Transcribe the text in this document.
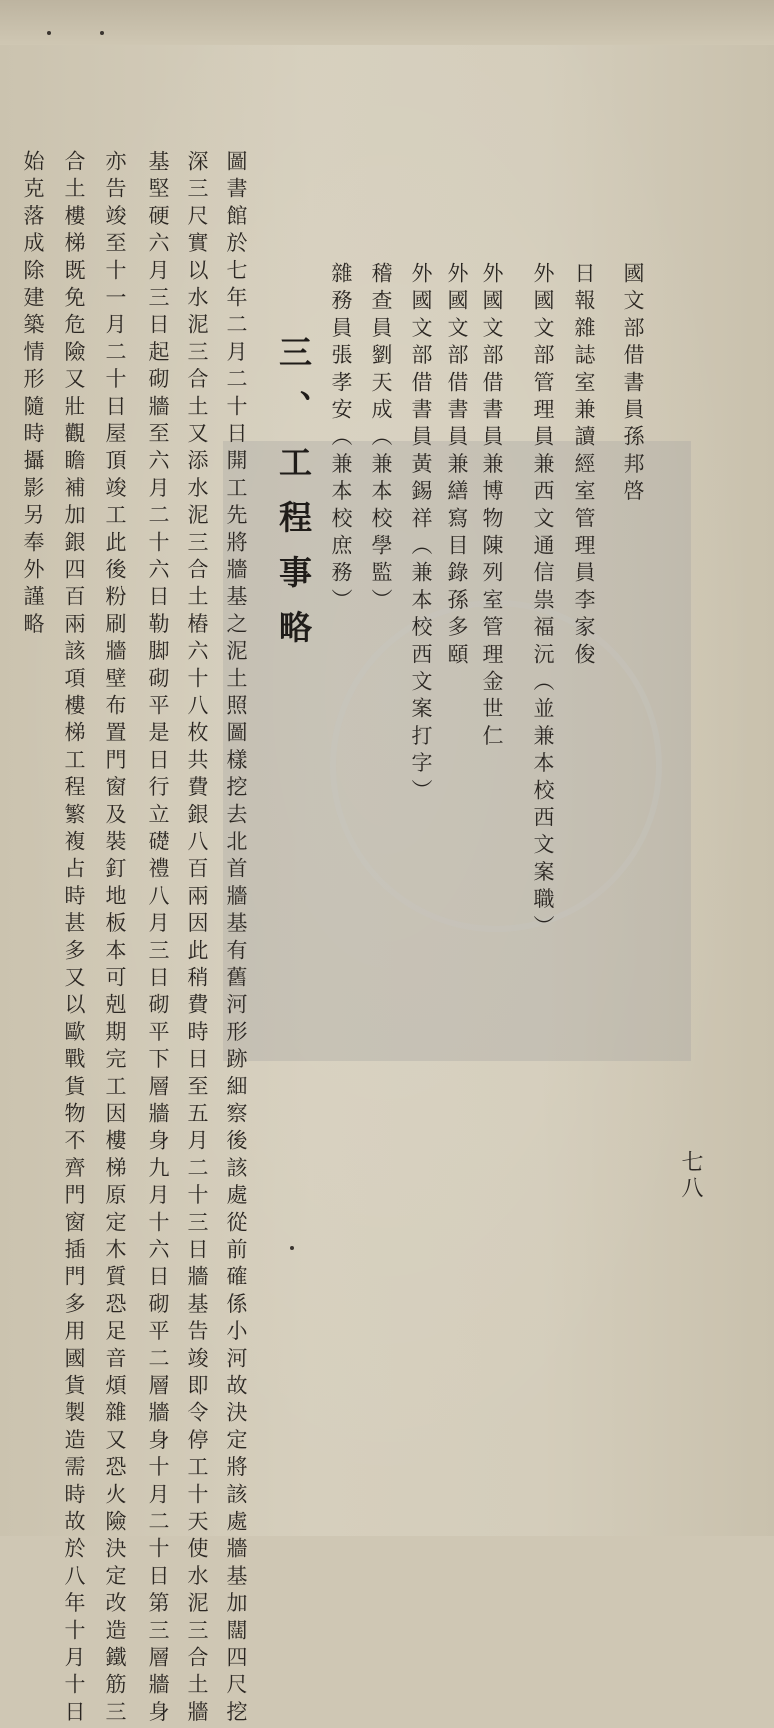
國文部借書員孫邦啓
日報雜誌室兼讀經室管理員李家俊
外國文部管理員兼西文通信祟福沅（並兼本校西文案職）
外國文部借書員兼博物陳列室管理金世仁
外國文部借書員兼繕寫目錄孫多頤
外國文部借書員黃錫祥（兼本校西文案打字）
稽查員劉天成（兼本校學監）
雜務員張孝安（兼本校庶務）
三、工程事略
圖書館於七年二月二十日開工先將牆基之泥土照圖樣挖去北首牆基有舊河形跡細察後該處從前確係小河故決定將該處牆基加闊四尺挖
深三尺實以水泥三合土又添水泥三合土樁六十八枚共費銀八百兩因此稍費時日至五月二十三日牆基告竣即令停工十天使水泥三合土牆
基堅硬六月三日起砌牆至六月二十六日勒脚砌平是日行立礎禮八月三日砌平下層牆身九月十六日砌平二層牆身十月二十日第三層牆身
亦告竣至十一月二十日屋頂竣工此後粉刷牆壁布置門窗及裝釘地板本可剋期完工因樓梯原定木質恐足音煩雜又恐火險決定改造鐵筋三
合土樓梯既免危險又壯觀瞻補加銀四百兩該項樓梯工程繁複占時甚多又以歐戰貨物不齊門窗插門多用國貨製造需時故於八年十月十日
始克落成除建築情形隨時攝影另奉外謹略
七八
